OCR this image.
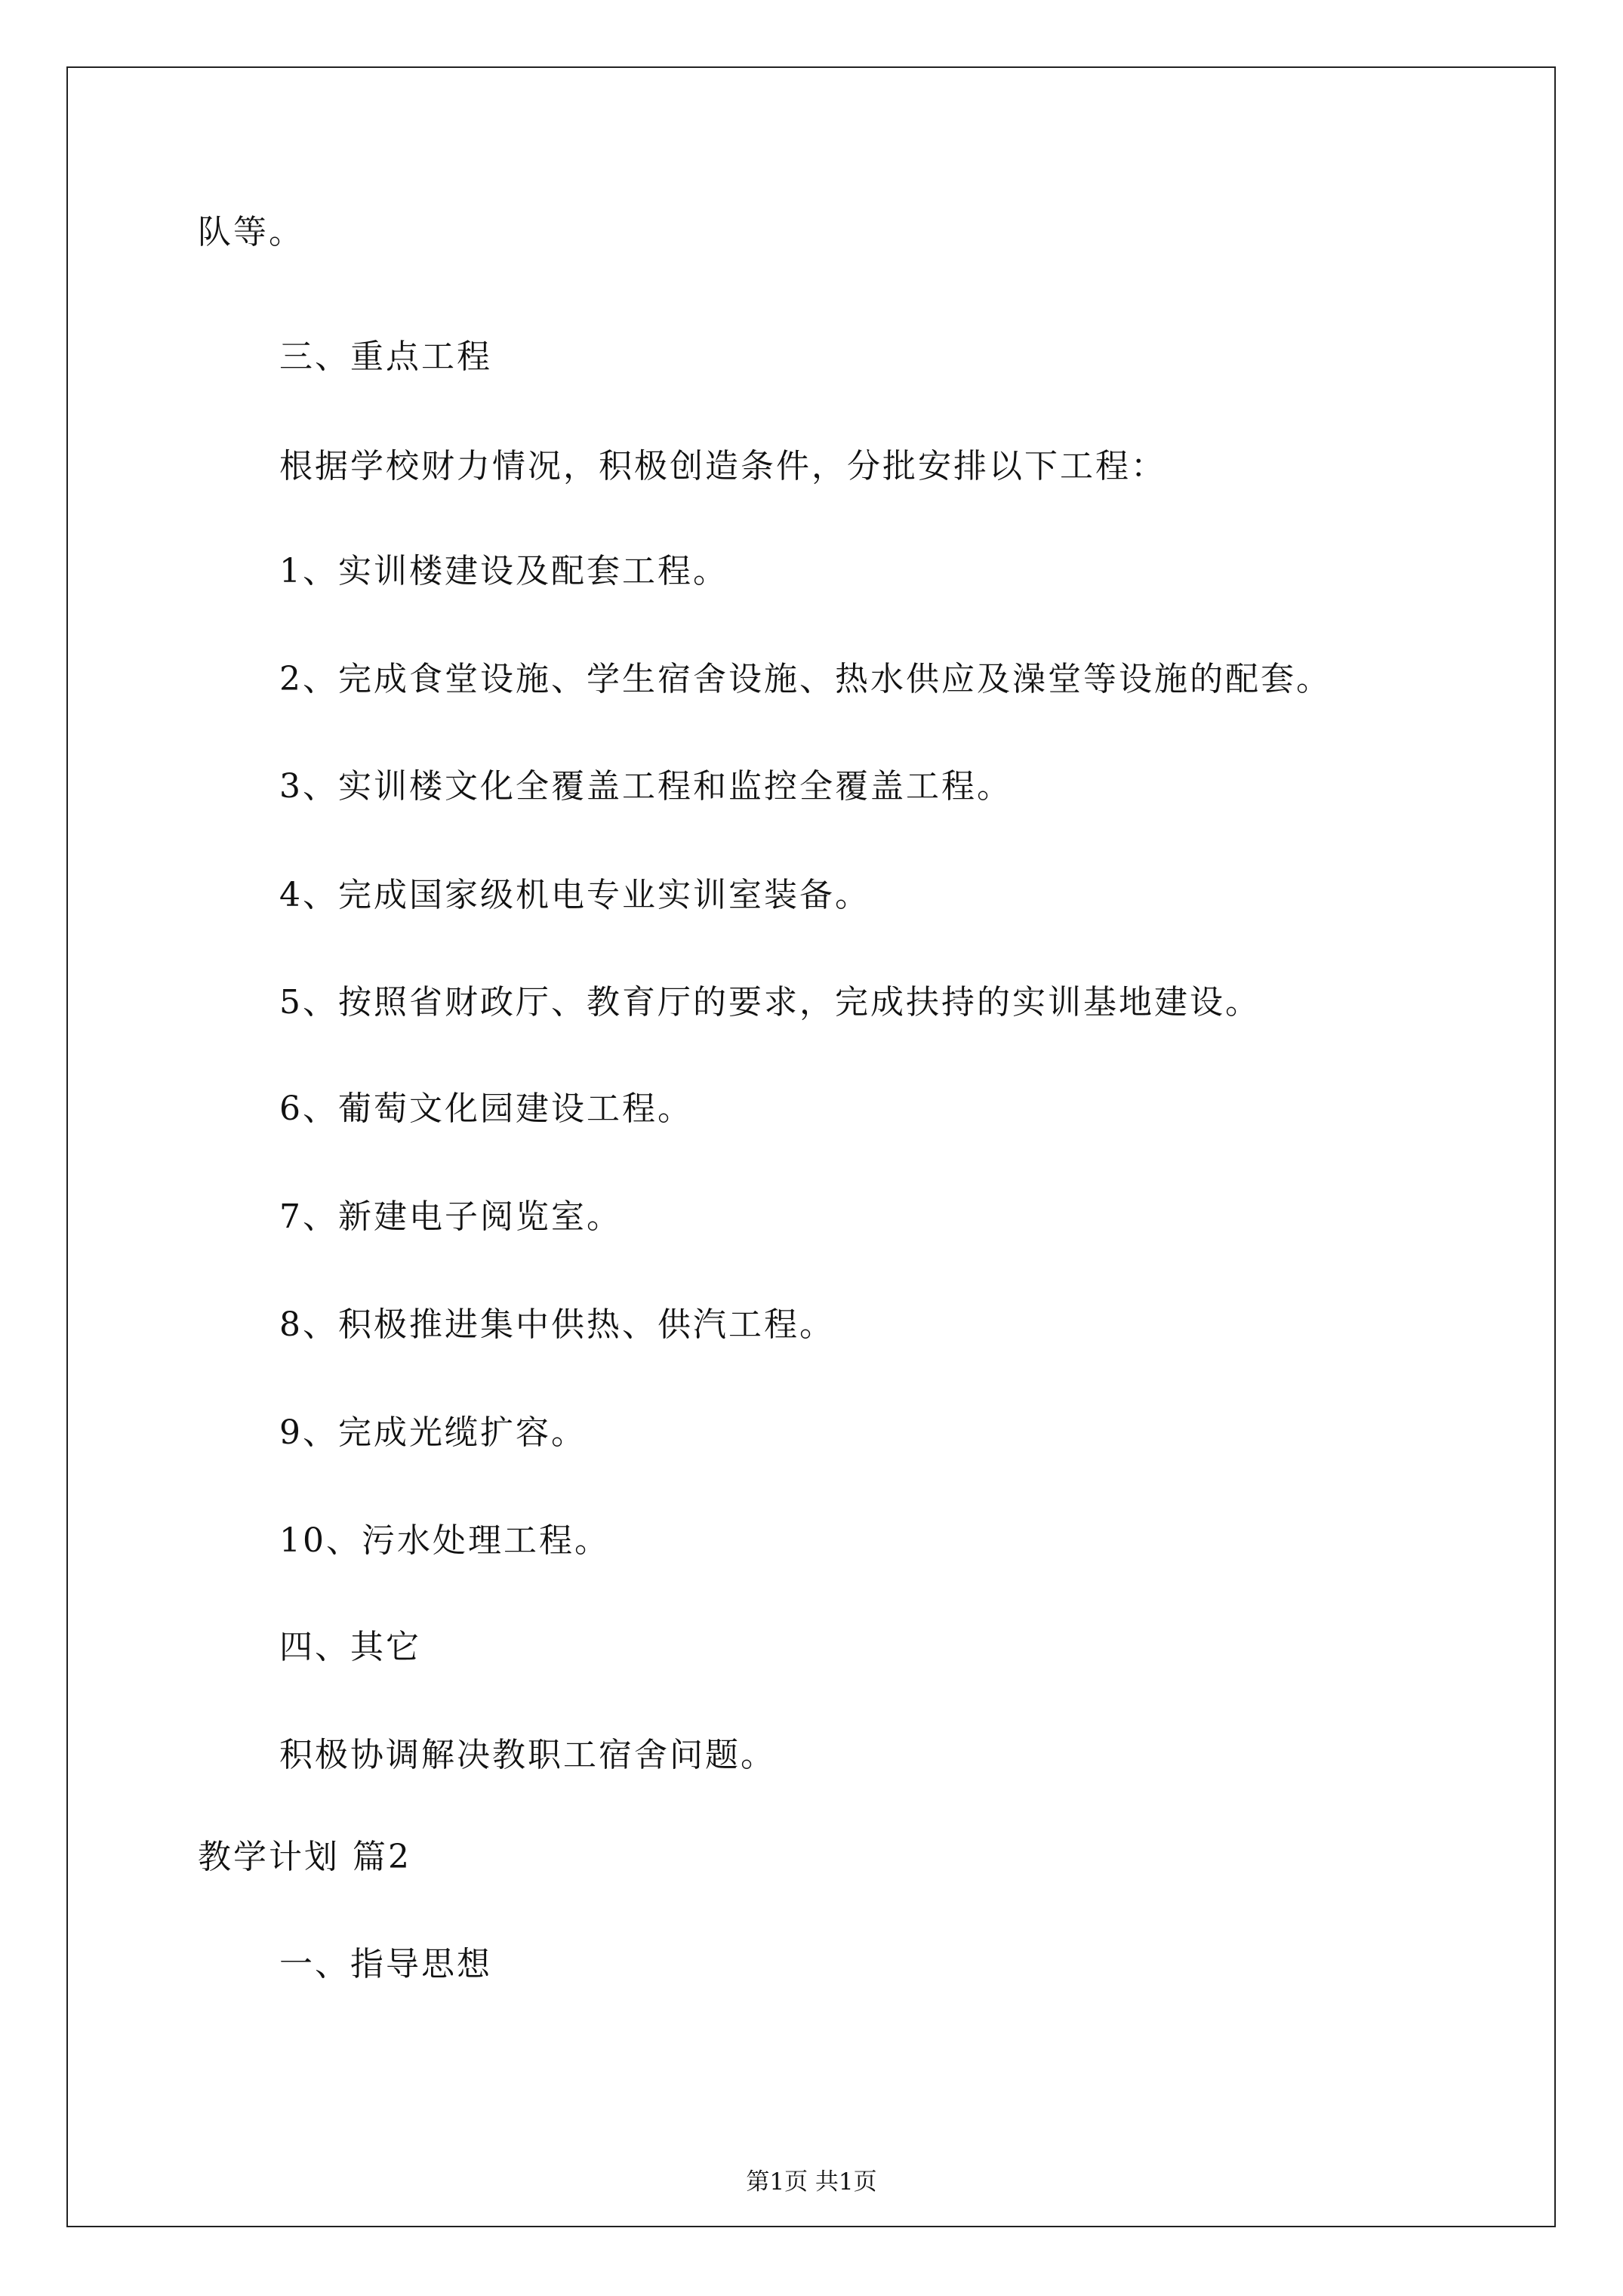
队等。
三、重点工程
根据学校财力情况，积极创造条件，分批安排以下工程：
1、实训楼建设及配套工程。
2、完成食堂设施、学生宿舍设施、热水供应及澡堂等设施的配套。
3、实训楼文化全覆盖工程和监控全覆盖工程。
4、完成国家级机电专业实训室装备。
5、按照省财政厅、教育厅的要求，完成扶持的实训基地建设。
6、葡萄文化园建设工程。
7、新建电子阅览室。
8、积极推进集中供热、供汽工程。
9、完成光缆扩容。
10、污水处理工程。
四、其它
积极协调解决教职工宿舍问题。
教学计划 篇2
一、指导思想
第1页 共1页
